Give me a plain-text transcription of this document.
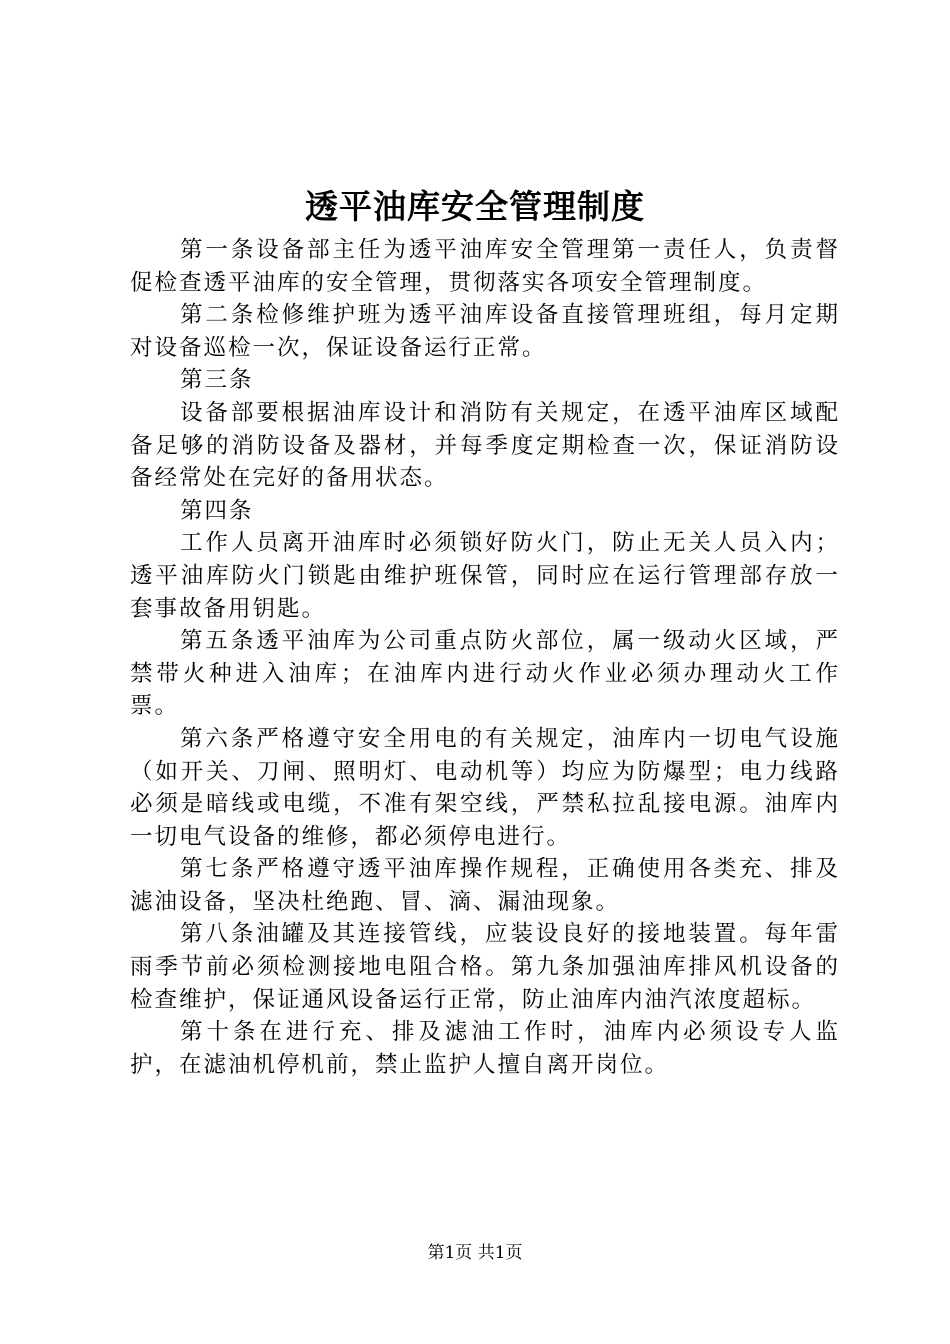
透平油库安全管理制度

第一条设备部主任为透平油库安全管理第一责任人，负责督促检查透平油库的安全管理，贯彻落实各项安全管理制度。

第二条检修维护班为透平油库设备直接管理班组，每月定期对设备巡检一次，保证设备运行正常。

第三条

设备部要根据油库设计和消防有关规定，在透平油库区域配备足够的消防设备及器材，并每季度定期检查一次，保证消防设备经常处在完好的备用状态。

第四条

工作人员离开油库时必须锁好防火门，防止无关人员入内；透平油库防火门锁匙由维护班保管，同时应在运行管理部存放一套事故备用钥匙。

第五条透平油库为公司重点防火部位，属一级动火区域，严禁带火种进入油库；在油库内进行动火作业必须办理动火工作票。

第六条严格遵守安全用电的有关规定，油库内一切电气设施（如开关、刀闸、照明灯、电动机等）均应为防爆型；电力线路必须是暗线或电缆，不准有架空线，严禁私拉乱接电源。油库内一切电气设备的维修，都必须停电进行。

第七条严格遵守透平油库操作规程，正确使用各类充、排及滤油设备，坚决杜绝跑、冒、滴、漏油现象。

第八条油罐及其连接管线，应装设良好的接地装置。每年雷雨季节前必须检测接地电阻合格。第九条加强油库排风机设备的检查维护，保证通风设备运行正常，防止油库内油汽浓度超标。

第十条在进行充、排及滤油工作时，油库内必须设专人监护，在滤油机停机前，禁止监护人擅自离开岗位。

第1页 共1页
